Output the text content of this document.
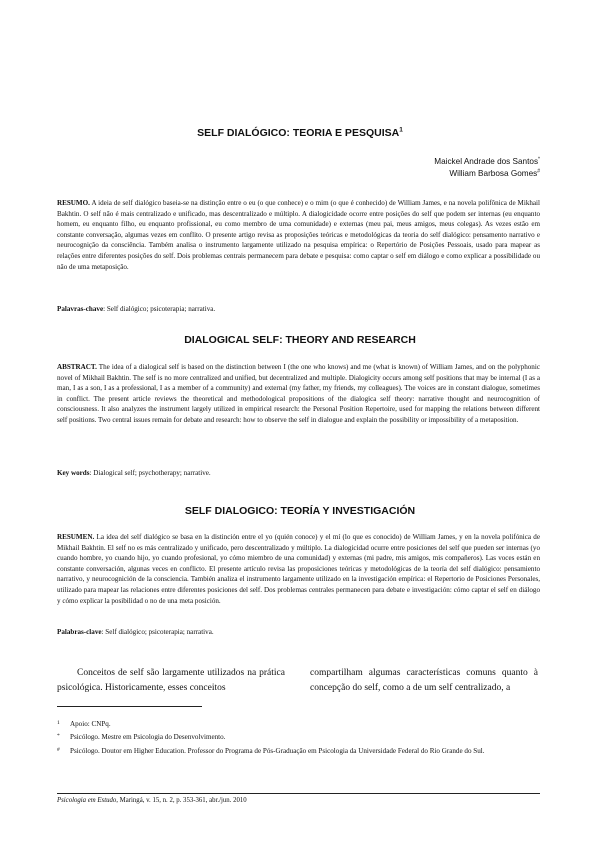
SELF DIALÓGICO: TEORIA E PESQUISA$^1$
Maickel Andrade dos Santos*
William Barbosa Gomes#

RESUMO. A ideia de self dialógico baseia-se na distinção entre o eu (o que conhece) e o mim (o que é conhecido) de William James, e na novela polifônica de Mikhail Bakhtin. O self não é mais centralizado e unificado, mas descentralizado e múltiplo. A dialogicidade ocorre entre posições do self que podem ser internas (eu enquanto homem, eu enquanto filho, eu enquanto profissional, eu como membro de uma comunidade) e externas (meu pai, meus amigos, meus colegas). As vezes estão em constante conversação, algumas vezes em conflito. O presente artigo revisa as proposições teóricas e metodológicas da teoria do self dialógico: pensamento narrativo e neurocognição da consciência. Também analisa o instrumento largamente utilizado na pesquisa empírica: o Repertório de Posições Pessoais, usado para mapear as relações entre diferentes posições do self. Dois problemas centrais permanecem para debate e pesquisa: como captar o self em diálogo e como explicar a possibilidade ou não de uma metaposição.

Palavras-chave: Self dialógico; psicoterapia; narrativa.

DIALOGICAL SELF: THEORY AND RESEARCH

ABSTRACT. The idea of a dialogical self is based on the distinction between I (the one who knows) and me (what is known) of William James, and on the polyphonic novel of Mikhail Bakhtin. The self is no more centralized and unified, but decentralized and multiple. Dialogicity occurs among self positions that may be internal (I as a man, I as a son, I as a professional, I as a member of a community) and external (my father, my friends, my colleagues). The voices are in constant dialogue, sometimes in conflict. The present article reviews the theoretical and methodological propositions of the dialogica self theory: narrative thought and neurocognition of consciousness. It also analyzes the instrument largely utilized in empirical research: the Personal Position Repertoire, used for mapping the relations between different self positions. Two central issues remain for debate and research: how to observe the self in dialogue and explain the possibility or impossibility of a metaposition.

Key words: Dialogical self; psychotherapy; narrative.

SELF DIALOGICO: TEORÍA Y INVESTIGACIÓN

RESUMEN. La idea del self dialógico se basa en la distinción entre el yo (quién conoce) y el mí (lo que es conocido) de William James, y en la novela polifónica de Mikhail Bakhtin. El self no es más centralizado y unificado, pero descentralizado y múltiplo. La dialogicidad ocurre entre posiciones del self que pueden ser internas (yo cuando hombre, yo cuando hijo, yo cuando profesional, yo cómo miembro de una comunidad) y externas (mi padre, mis amigos, mis compañeros). Las voces están en constante conversación, algunas veces en conflicto. El presente artículo revisa las proposiciones teóricas y metodológicas de la teoría del self dialógico: pensamiento narrativo, y neurocognición de la consciencia. También analiza el instrumento largamente utilizado en la investigación empírica: el Repertorio de Posiciones Personales, utilizado para mapear las relaciones entre diferentes posiciones del self. Dos problemas centrales permanecen para debate e investigación: cómo captar el self en diálogo y cómo explicar la posibilidad o no de una meta posición.

Palabras-clave: Self dialógico; psicoterapia; narrativa.

Conceitos de self são largamente utilizados na prática psicológica. Historicamente, esses conceitos

compartilham algumas características comuns quanto à concepção do self, como a de um self centralizado, a

1 Apoio: CNPq.
* Psicólogo. Mestre em Psicologia do Desenvolvimento.
# Psicólogo. Doutor em Higher Education. Professor do Programa de Pós-Graduação em Psicologia da Universidade Federal do Rio Grande do Sul.
Psicologia em Estudo, Maringá, v. 15, n. 2, p. 353-361, abr./jun. 2010
